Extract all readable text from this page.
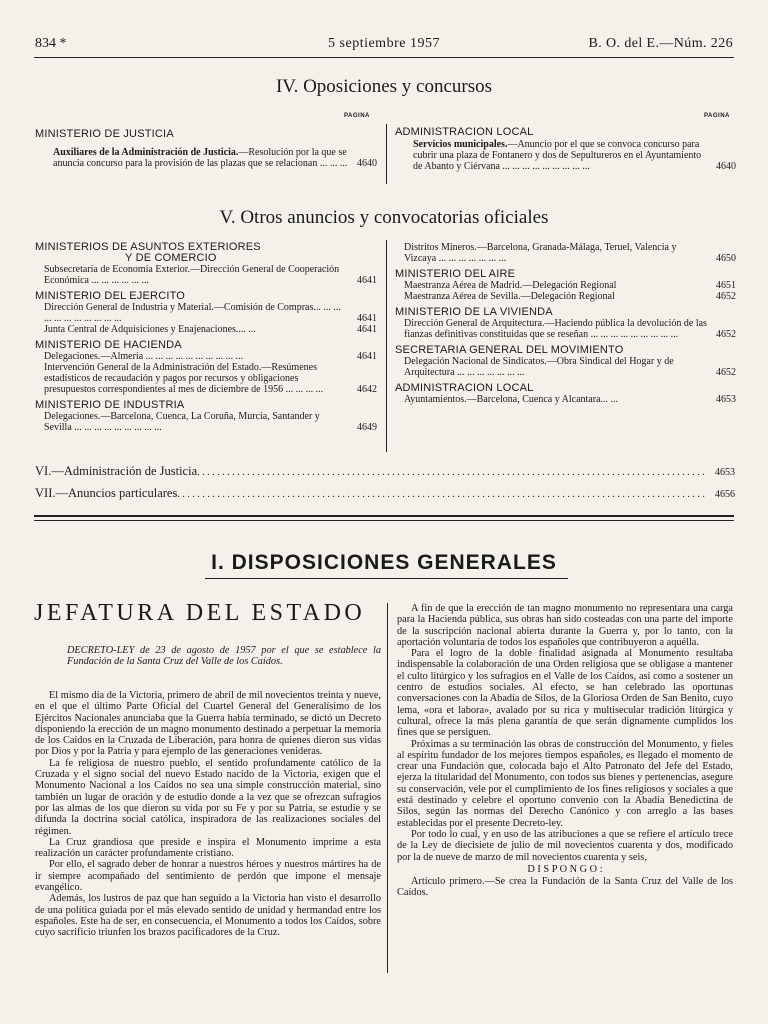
834 *	5 septiembre 1957	B. O. del E.—Núm. 226
IV. Oposiciones y concursos
PAGINA	PAGINA
MINISTERIO DE JUSTICIA
Auxiliares de la Administración de Justicia.—Resolución por la que se anuncia concurso para la provisión de las plazas que se relacionan ... ... ... 4640
ADMINISTRACION LOCAL
Servicios municipales.—Anuncio por el que se convoca concurso para cubrir una plaza de Fontanero y dos de Sepultureros en el Ayuntamiento de Abanto y Ciérvana ... ... ... ... ... ... ... ... ...	4640
V. Otros anuncios y convocatorias oficiales
MINISTERIOS DE ASUNTOS EXTERIORES
Y DE COMERCIO
Subsecretaría de Economía Exterior.—Dirección General de Cooperación Económica ... ... ... ... ... ...	4641
MINISTERIO DEL EJERCITO
Dirección General de Industria y Material.—Comisión de Compras... ... ... ... ... ... ... ... ... ... ...	4641
Junta Central de Adquisiciones y Enajenaciones.... ...	4641
MINISTERIO DE HACIENDA
Delegaciones.—Almería ... ... ... ... ... ... ... ... ... ...	4641
Intervención General de la Administración del Estado.—Resúmenes estadísticos de recaudación y pagos por recursos y obligaciones presupuestos correspondientes al mes de diciembre de 1956 ... ... ... ...	4642
MINISTERIO DE INDUSTRIA
Delegaciones.—Barcelona, Cuenca, La Coruña, Murcia, Santander y Sevilla ... ... ... ... ... ... ... ... ...	4649
Distritos Mineros.—Barcelona, Granada-Málaga, Teruel, Valencia y Vizcaya ... ... ... ... ... ... ...	4650
MINISTERIO DEL AIRE
Maestranza Aérea de Madrid.—Delegación Regional	4651
Maestranza Aérea de Sevilla.—Delegación Regional	4652
MINISTERIO DE LA VIVIENDA
Dirección General de Arquitectura.—Haciendo pública la devolución de las fianzas definitivas constituidas que se reseñan ... ... ... ... ... ... ... ... ...	4652
SECRETARIA GENERAL DEL MOVIMIENTO
Delegación Nacional de Sindicatos.—Obra Sindical del Hogar y de Arquitectura ... ... ... ... ... ... ...	4652
ADMINISTRACION LOCAL
Ayuntamientos.—Barcelona, Cuenca y Alcantara... ...	4653
VI.—Administración de Justicia . . .	4653
VII.—Anuncios particulares . . .	4656
I. DISPOSICIONES GENERALES
JEFATURA DEL ESTADO
DECRETO-LEY de 23 de agosto de 1957 por el que se establece la Fundación de la Santa Cruz del Valle de los Caídos.

El mismo día de la Victoria, primero de abril de mil novecientos treinta y nueve, en el que el último Parte Oficial del Cuartel General del Generalísimo de los Ejércitos Nacionales anunciaba que la Guerra había terminado, se dictó un Decreto disponiendo la erección de un magno monumento destinado a perpetuar la memoria de los Caídos en la Cruzada de Liberación, para honra de quienes dieron sus vidas por Dios y por la Patria y para ejemplo de las generaciones venideras.

La fe religiosa de nuestro pueblo, el sentido profundamente católico de la Cruzada y el signo social del nuevo Estado nacido de la Victoria, exigen que el Monumento Nacional a los Caídos no sea una simple construcción material, sino también un lugar de oración y de estudio donde a la vez que se ofrezcan sufragios por las almas de los que dieron su vida por su Fe y por su Patria, se estudie y se difunda la doctrina social católica, inspiradora de las realizaciones sociales del régimen.

La Cruz grandiosa que preside e inspira el Monumento imprime a esta realización un carácter profundamente cristiano.

Por ello, el sagrado deber de honrar a nuestros héroes y nuestros mártires ha de ir siempre acompañado del sentimiento de perdón que impone el mensaje evangélico.

Además, los lustros de paz que han seguido a la Victoria han visto el desarrollo de una política guiada por el más elevado sentido de unidad y hermandad entre los españoles. Este ha de ser, en consecuencia, el Monumento a todos los Caídos, sobre cuyo sacrificio triunfen los brazos pacificadores de la Cruz.

A fin de que la erección de tan magno monumento no representara una carga para la Hacienda pública, sus obras han sido costeadas con una parte del importe de la suscripción nacional abierta durante la Guerra y, por lo tanto, con la aportación voluntaria de todos los españoles que contribuyeron a aquélla.

Para el logro de la doble finalidad asignada al Monumento resultaba indispensable la colaboración de una Orden religiosa que se obligase a mantener el culto litúrgico y los sufragios en el Valle de los Caídos, así como a sostener un centro de estudios sociales. Al efecto, se han celebrado las oportunas conversaciones con la Abadía de Silos, de la Gloriosa Orden de San Benito, cuyo lema, «ora et labora», avalado por su rica y multisecular tradición litúrgica y cultural, ofrece la más plena garantía de que serán dignamente cumplidos los fines que se persiguen.

Próximas a su terminación las obras de construcción del Monumento, y fieles al espíritu fundador de los mejores tiempos españoles, es llegado el momento de crear una Fundación que, colocada bajo el Alto Patronato del Jefe del Estado, ejerza la titularidad del Monumento, con todos sus bienes y pertenencias, asegure su conservación, vele por el cumplimiento de los fines religiosos y sociales a que está destinado y celebre el oportuno convenio con la Abadía Benedictina de Silos, según las normas del Derecho Canónico y con arreglo a las bases establecidas por el presente Decreto-ley.

Por todo lo cual, y en uso de las atribuciones a que se refiere el artículo trece de la Ley de diecisiete de julio de mil novecientos cuarenta y dos, modificado por la de nueve de marzo de mil novecientos cuarenta y seis,

D I S P O N G O :

Artículo primero.—Se crea la Fundación de la Santa Cruz del Valle de los Caídos.
